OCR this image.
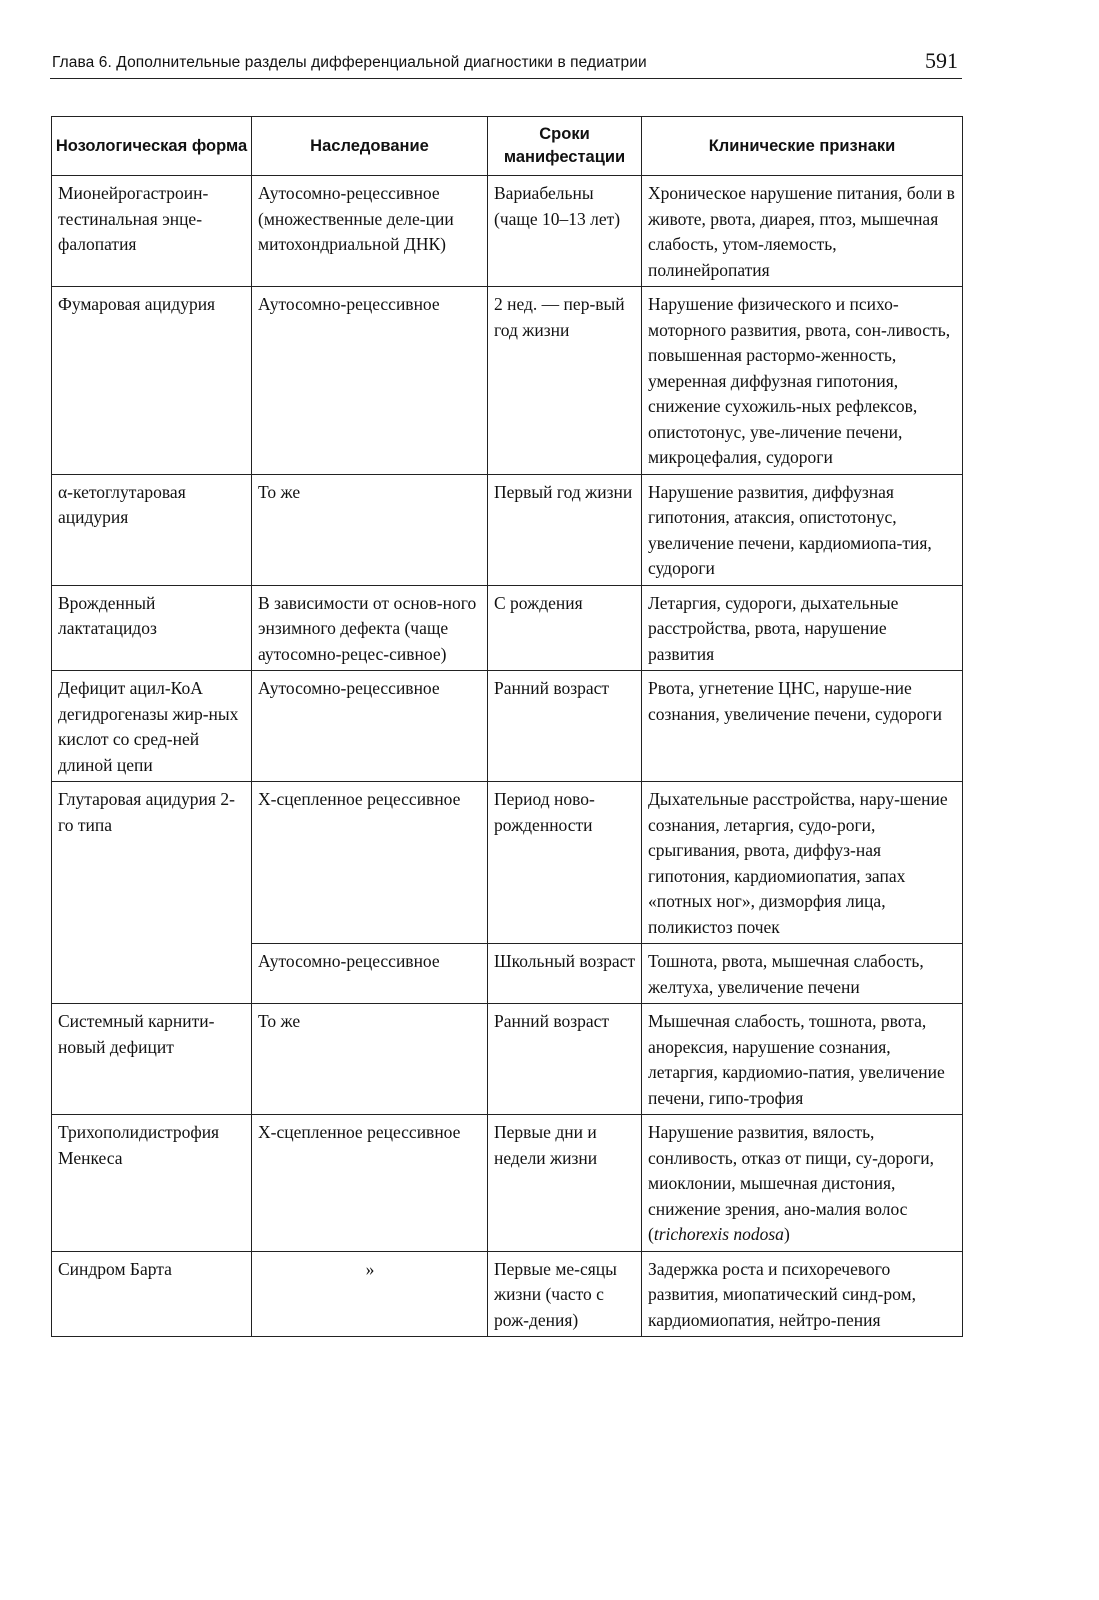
Глава 6. Дополнительные разделы дифференциальной диагностики в педиатрии	591
Нозологическая форма	Наследование	Сроки манифестации	Клинические признаки
Мионейрогастроин-тестинальная энце-фалопатия	Аутосомно-рецессивное (множественные деле-ции митохондриальной ДНК)	Вариабельны (чаще 10–13 лет)	Хроническое нарушение питания, боли в животе, рвота, диарея, птоз, мышечная слабость, утом-ляемость, полинейропатия
Фумаровая ацидурия	Аутосомно-рецессивное	2 нед. — пер-вый год жизни	Нарушение физического и психо-моторного развития, рвота, сон-ливость, повышенная растормо-женность, умеренная диффузная гипотония, снижение сухожиль-ных рефлексов, опистотонус, уве-личение печени, микроцефалия, судороги
α-кетоглутаровая ацидурия	То же	Первый год жизни	Нарушение развития, диффузная гипотония, атаксия, опистотонус, увеличение печени, кардиомиопа-тия, судороги
Врожденный лактатацидоз	В зависимости от основ-ного энзимного дефекта (чаще аутосомно-рецес-сивное)	С рождения	Летаргия, судороги, дыхательные расстройства, рвота, нарушение развития
Дефицит ацил-КоА дегидрогеназы жир-ных кислот со сред-ней длиной цепи	Аутосомно-рецессивное	Ранний возраст	Рвота, угнетение ЦНС, наруше-ние сознания, увеличение печени, судороги
Глутаровая ацидурия 2-го типа	Х-сцепленное рецессивное	Период ново-рожденности	Дыхательные расстройства, нару-шение сознания, летаргия, судо-роги, срыгивания, рвота, диффуз-ная гипотония, кардиомиопатия, запах «потных ног», дизморфия лица, поликистоз почек
	Аутосомно-рецессивное	Школьный возраст	Тошнота, рвота, мышечная слабость, желтуха, увеличение печени
Системный карнити-новый дефицит	То же	Ранний возраст	Мышечная слабость, тошнота, рвота, анорексия, нарушение сознания, летаргия, кардиомио-патия, увеличение печени, гипо-трофия
Трихополидистрофия Менкеса	Х-сцепленное рецессивное	Первые дни и недели жизни	Нарушение развития, вялость, сонливость, отказ от пищи, су-дороги, миоклонии, мышечная дистония, снижение зрения, ано-малия волос (trichorexis nodosa)
Синдром Барта	»	Первые ме-сяцы жизни (часто с рож-дения)	Задержка роста и психоречевого развития, миопатический синд-ром, кардиомиопатия, нейтро-пения
